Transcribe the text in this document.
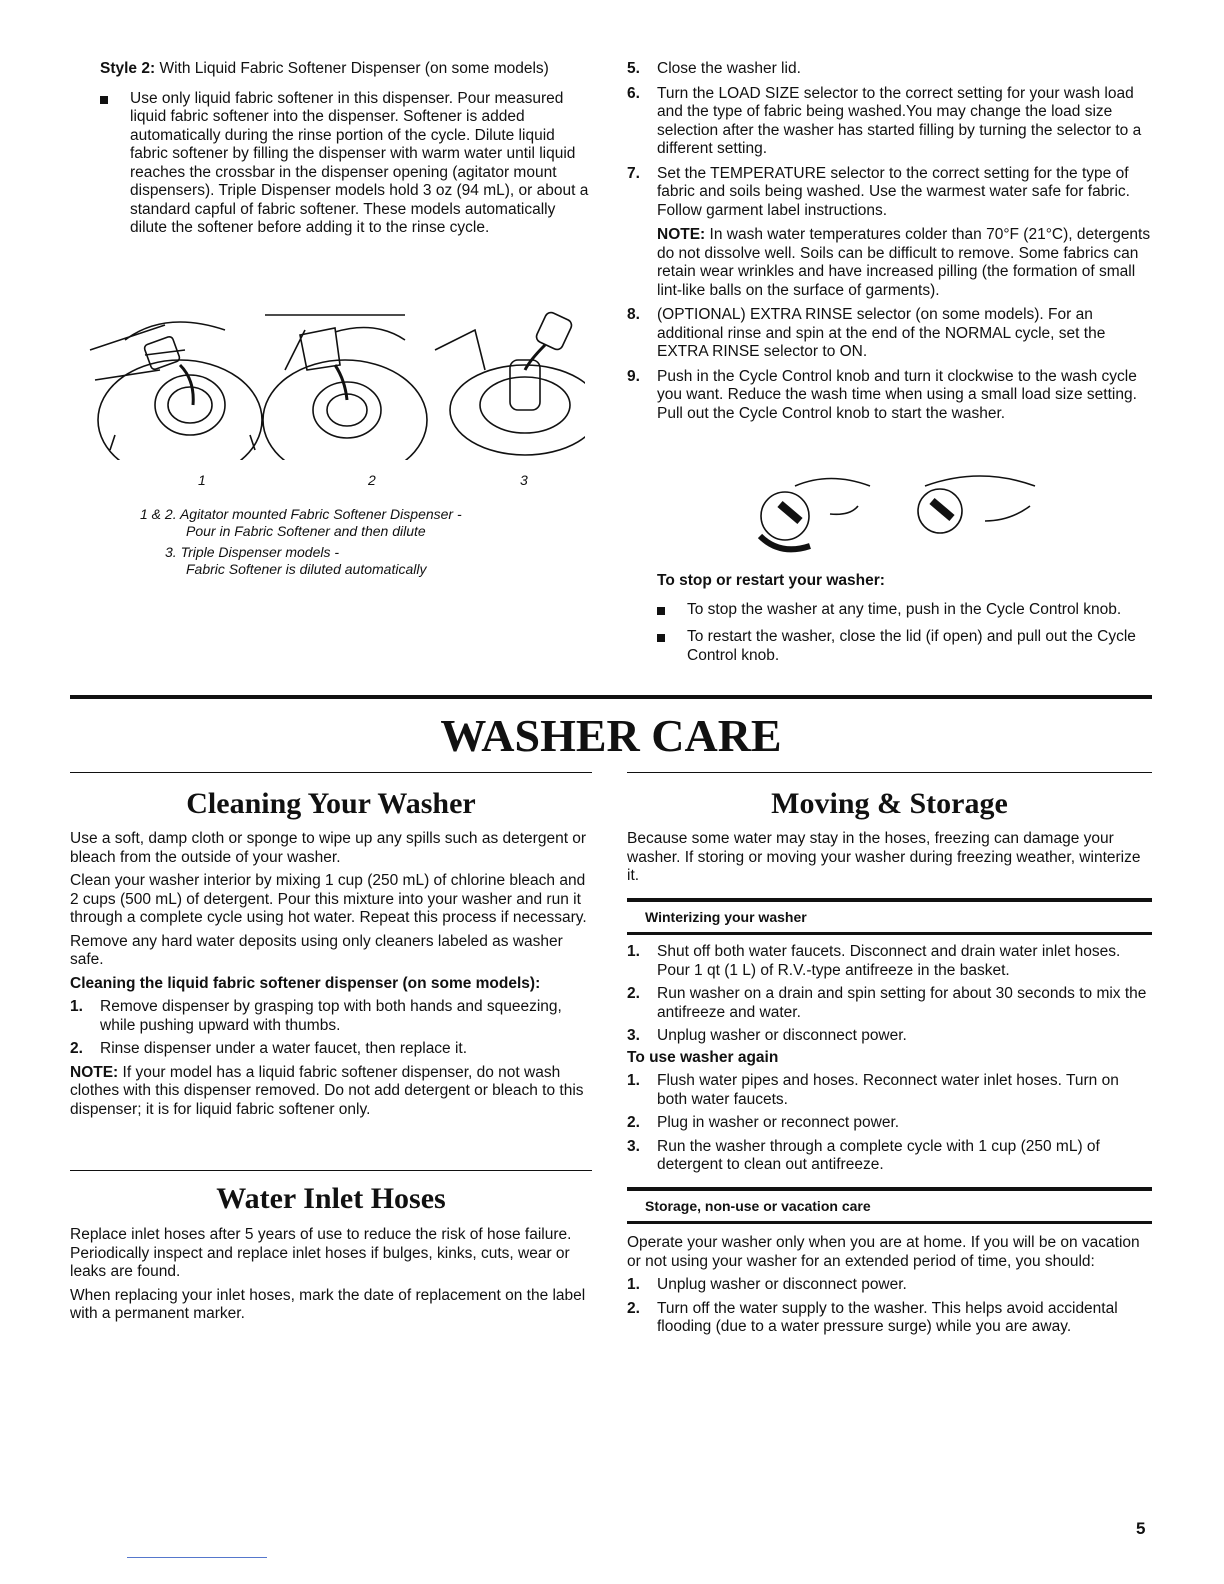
Style 2: With Liquid Fabric Softener Dispenser (on some models)

Use only liquid fabric softener in this dispenser. Pour measured liquid fabric softener into the dispenser. Softener is added automatically during the rinse portion of the cycle. Dilute liquid fabric softener by filling the dispenser with warm water until liquid reaches the crossbar in the dispenser opening (agitator mount dispensers). Triple Dispenser models hold 3 oz (94 mL), or about a standard capful of fabric softener. These models automatically dilute the softener before adding it to the rinse cycle.
1	2	3
1 & 2. Agitator mounted Fabric Softener Dispenser -
Pour in Fabric Softener and then dilute
3. Triple Dispenser models -
Fabric Softener is diluted automatically
5. Close the washer lid.
6. Turn the LOAD SIZE selector to the correct setting for your wash load and the type of fabric being washed.You may change the load size selection after the washer has started filling by turning the selector to a different setting.
7. Set the TEMPERATURE selector to the correct setting for the type of fabric and soils being washed. Use the warmest water safe for fabric. Follow garment label instructions.

NOTE: In wash water temperatures colder than 70°F (21°C), detergents do not dissolve well. Soils can be difficult to remove. Some fabrics can retain wear wrinkles and have increased pilling (the formation of small lint-like balls on the surface of garments).

8. (OPTIONAL) EXTRA RINSE selector (on some models). For an additional rinse and spin at the end of the NORMAL cycle, set the EXTRA RINSE selector to ON.
9. Push in the Cycle Control knob and turn it clockwise to the wash cycle you want. Reduce the wash time when using a small load size setting. Pull out the Cycle Control knob to start the washer.

To stop or restart your washer:

To stop the washer at any time, push in the Cycle Control knob.
To restart the washer, close the lid (if open) and pull out the Cycle Control knob.
WASHER CARE
Cleaning Your Washer

Use a soft, damp cloth or sponge to wipe up any spills such as detergent or bleach from the outside of your washer.

Clean your washer interior by mixing 1 cup (250 mL) of chlorine bleach and 2 cups (500 mL) of detergent. Pour this mixture into your washer and run it through a complete cycle using hot water. Repeat this process if necessary.

Remove any hard water deposits using only cleaners labeled as washer safe.

Cleaning the liquid fabric softener dispenser (on some models):

1. Remove dispenser by grasping top with both hands and squeezing, while pushing upward with thumbs.
2. Rinse dispenser under a water faucet, then replace it.

NOTE: If your model has a liquid fabric softener dispenser, do not wash clothes with this dispenser removed. Do not add detergent or bleach to this dispenser; it is for liquid fabric softener only.

Water Inlet Hoses

Replace inlet hoses after 5 years of use to reduce the risk of hose failure. Periodically inspect and replace inlet hoses if bulges, kinks, cuts, wear or leaks are found.

When replacing your inlet hoses, mark the date of replacement on the label with a permanent marker.

Moving & Storage

Because some water may stay in the hoses, freezing can damage your washer. If storing or moving your washer during freezing weather, winterize it.

Winterizing your washer
1. Shut off both water faucets. Disconnect and drain water inlet hoses. Pour 1 qt (1 L) of R.V.-type antifreeze in the basket.
2. Run washer on a drain and spin setting for about 30 seconds to mix the antifreeze and water.
3. Unplug washer or disconnect power.

To use washer again

1. Flush water pipes and hoses. Reconnect water inlet hoses. Turn on both water faucets.
2. Plug in washer or reconnect power.
3. Run the washer through a complete cycle with 1 cup (250 mL) of detergent to clean out antifreeze.
Storage, non-use or vacation care

Operate your washer only when you are at home. If you will be on vacation or not using your washer for an extended period of time, you should:

1. Unplug washer or disconnect power.
2. Turn off the water supply to the washer. This helps avoid accidental flooding (due to a water pressure surge) while you are away.
5
